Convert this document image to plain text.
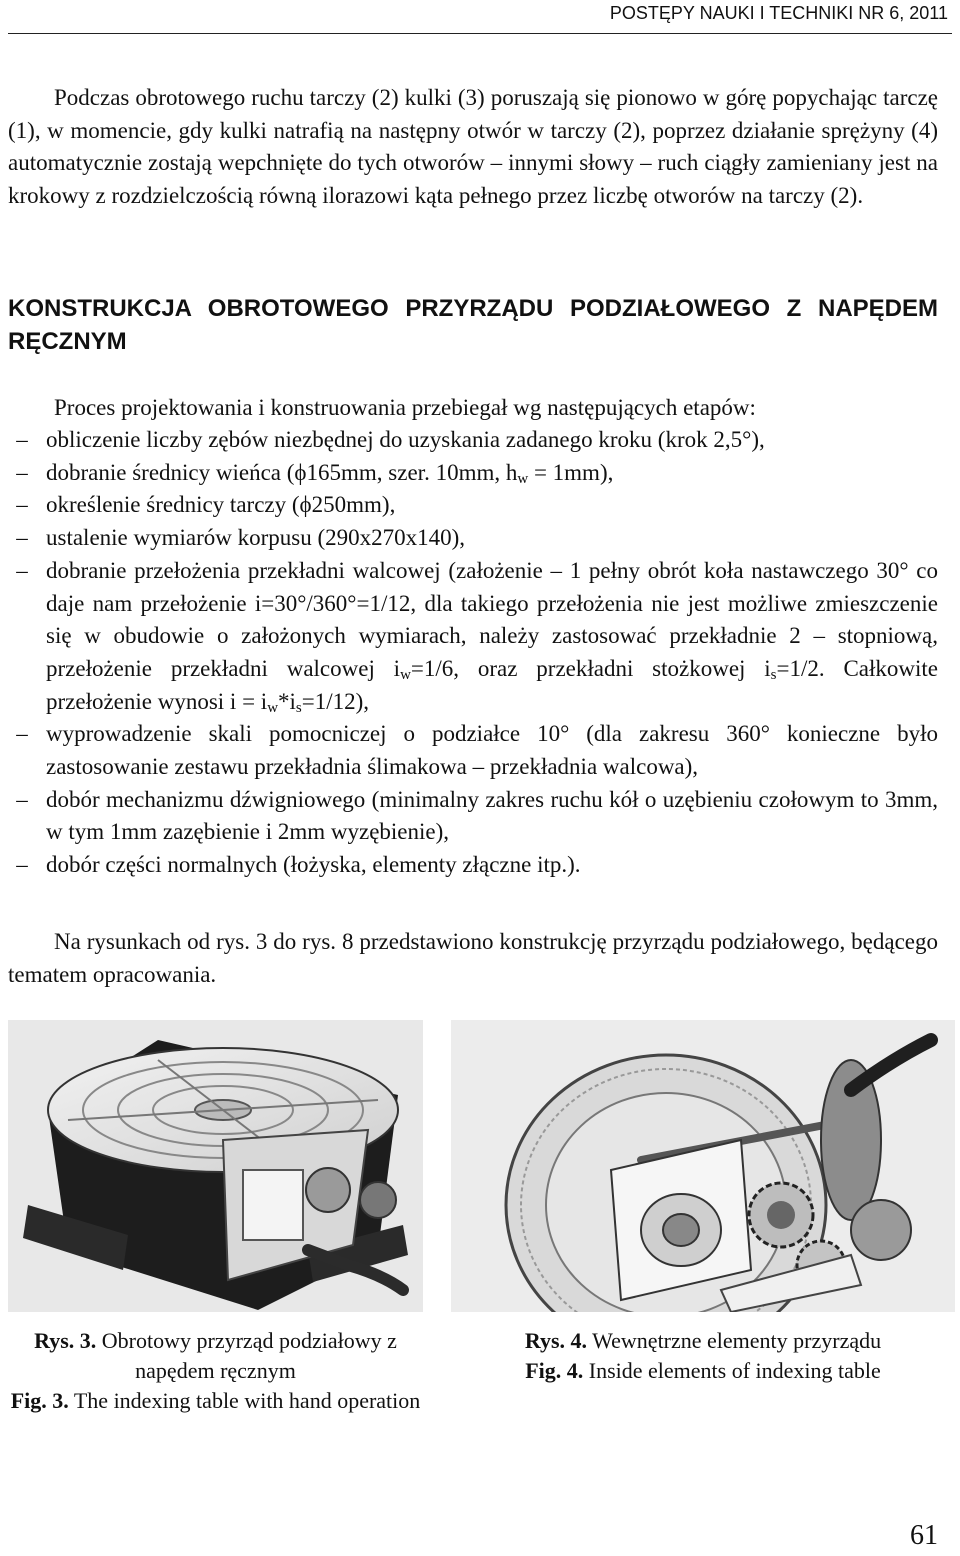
POSTĘPY NAUKI I TECHNIKI NR 6, 2011

Podczas obrotowego ruchu tarczy (2) kulki (3) poruszają się pionowo w górę popychając tarczę (1), w momencie, gdy kulki natrafią na następny otwór w tarczy (2), poprzez działanie sprężyny (4) automatycznie zostają wepchnięte do tych otworów – innymi słowy – ruch ciągły zamieniany jest na krokowy z rozdzielczością równą ilorazowi kąta pełnego przez liczbę otworów na tarczy (2).

KONSTRUKCJA OBROTOWEGO PRZYRZĄDU PODZIAŁOWEGO Z NAPĘDEM RĘCZNYM

Proces projektowania i konstruowania przebiegał wg następujących etapów:

– obliczenie liczby zębów niezbędnej do uzyskania zadanego kroku (krok 2,5°),
– dobranie średnicy wieńca (ϕ165mm, szer. 10mm, $h_w = 1mm$),
– określenie średnicy tarczy (ϕ250mm),
– ustalenie wymiarów korpusu (290x270x140),
– dobranie przełożenia przekładni walcowej (założenie – 1 pełny obrót koła nastawczego 30° co daje nam przełożenie i=30°/360°=1/12, dla takiego przełożenia nie jest możliwe zmieszczenie się w obudowie o założonych wymiarach, należy zastosować przekładnie 2 – stopniową, przełożenie przekładni walcowej $i_w=1/6$, oraz przekładni stożkowej $i_s=1/2$. Całkowite przełożenie wynosi $i = i_w*i_s=1/12$),
– wyprowadzenie skali pomocniczej o podziałce 10° (dla zakresu 360° konieczne było zastosowanie zestawu przekładnia ślimakowa – przekładnia walcowa),
– dobór mechanizmu dźwigniowego (minimalny zakres ruchu kół o uzębieniu czołowym to 3mm, w tym 1mm zazębienie i 2mm wyzębienie),
– dobór części normalnych (łożyska, elementy złączne itp.).

Na rysunkach od rys. 3 do rys. 8 przedstawiono konstrukcję przyrządu podziałowego, będącego tematem opracowania.

Rys. 3. Obrotowy przyrząd podziałowy z napędem ręcznym
Fig. 3. The indexing table with hand operation

Rys. 4. Wewnętrzne elementy przyrządu
Fig. 4. Inside elements of indexing table

61
